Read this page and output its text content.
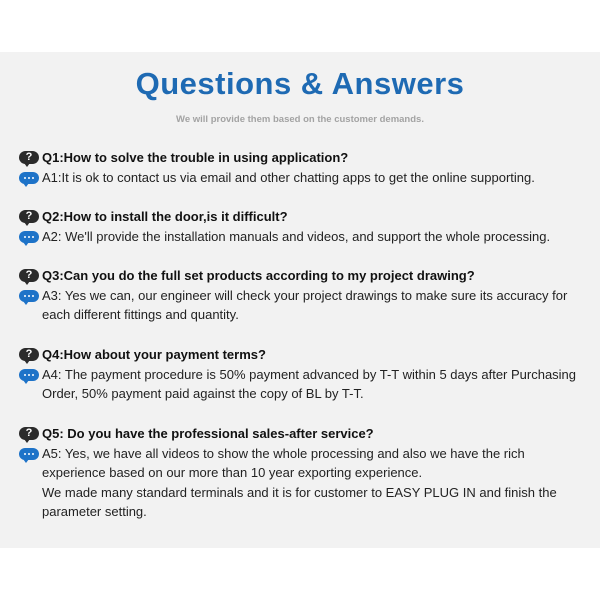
Questions & Answers
We will provide them based on the customer demands.
? Q1:How to solve the trouble in using application?
A1:It is ok to contact us via email and other chatting apps to get the online supporting.
? Q2:How to install the door,is it difficult?
A2: We'll provide the installation manuals and videos, and support the whole processing.
? Q3:Can you do the full set products according to my project drawing?
A3: Yes we can, our engineer will check your project drawings to make sure its accuracy for
each different fittings and quantity.
? Q4:How about your payment terms?
A4: The payment procedure is 50% payment advanced by T-T within 5 days after Purchasing
Order, 50% payment paid against the copy of BL by T-T.
? Q5: Do you have the professional sales-after service?
A5: Yes, we have all videos to show the whole processing and also we have the rich
experience based on our more than 10 year exporting experience.
We made many standard terminals and it is for customer to EASY PLUG IN and finish the
parameter setting.
